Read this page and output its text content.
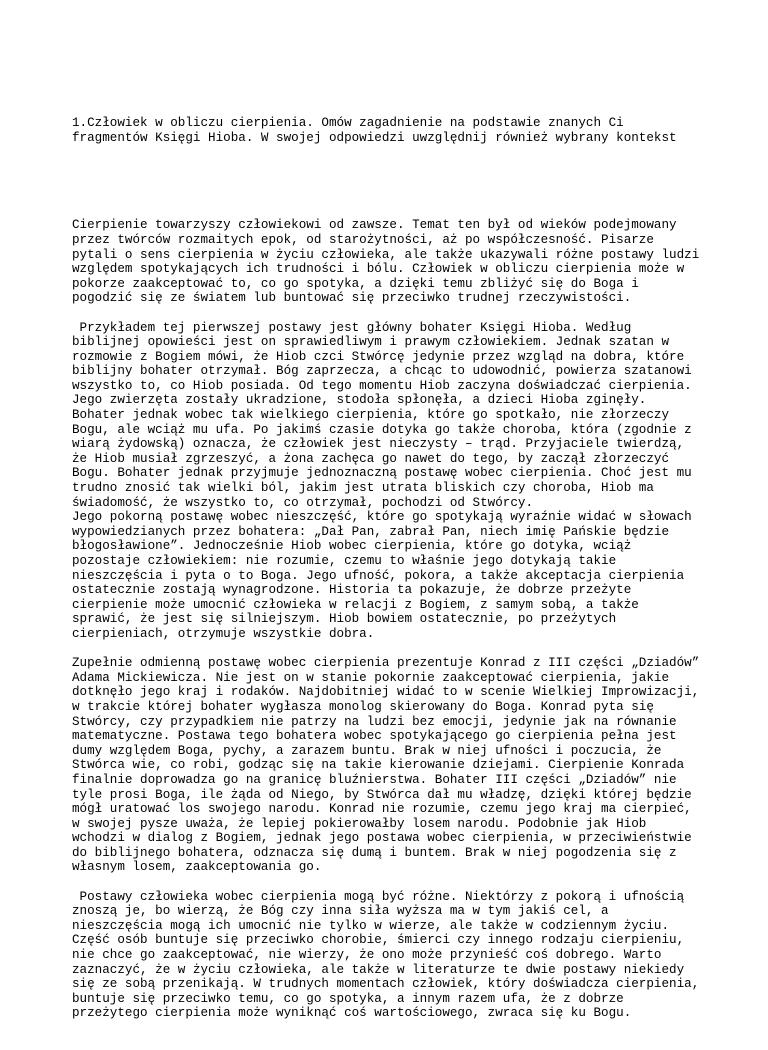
1.Człowiek w obliczu cierpienia. Omów zagadnienie na podstawie znanych Ci
fragmentów Księgi Hioba. W swojej odpowiedzi uwzględnij również wybrany kontekst

Cierpienie towarzyszy człowiekowi od zawsze. Temat ten był od wieków podejmowany
przez twórców rozmaitych epok, od starożytności, aż po współczesność. Pisarze
pytali o sens cierpienia w życiu człowieka, ale także ukazywali różne postawy ludzi
względem spotykających ich trudności i bólu. Człowiek w obliczu cierpienia może w
pokorze zaakceptować to, co go spotyka, a dzięki temu zbliżyć się do Boga i
pogodzić się ze światem lub buntować się przeciwko trudnej rzeczywistości.
Przykładem tej pierwszej postawy jest główny bohater Księgi Hioba. Według
biblijnej opowieści jest on sprawiedliwym i prawym człowiekiem. Jednak szatan w
rozmowie z Bogiem mówi, że Hiob czci Stwórcę jedynie przez wzgląd na dobra, które
biblijny bohater otrzymał. Bóg zaprzecza, a chcąc to udowodnić, powierza szatanowi
wszystko to, co Hiob posiada. Od tego momentu Hiob zaczyna doświadczać cierpienia.
Jego zwierzęta zostały ukradzione, stodoła spłonęła, a dzieci Hioba zginęły.
Bohater jednak wobec tak wielkiego cierpienia, które go spotkało, nie złorzeczy
Bogu, ale wciąż mu ufa. Po jakimś czasie dotyka go także choroba, która (zgodnie z
wiarą żydowską) oznacza, że człowiek jest nieczysty – trąd. Przyjaciele twierdzą,
że Hiob musiał zgrzeszyć, a żona zachęca go nawet do tego, by zaczął złorzeczyć
Bogu. Bohater jednak przyjmuje jednoznaczną postawę wobec cierpienia. Choć jest mu
trudno znosić tak wielki ból, jakim jest utrata bliskich czy choroba, Hiob ma
świadomość, że wszystko to, co otrzymał, pochodzi od Stwórcy.
Jego pokorną postawę wobec nieszczęść, które go spotykają wyraźnie widać w słowach
wypowiedzianych przez bohatera: „Dał Pan, zabrał Pan, niech imię Pańskie będzie
błogosławione”. Jednocześnie Hiob wobec cierpienia, które go dotyka, wciąż
pozostaje człowiekiem: nie rozumie, czemu to właśnie jego dotykają takie
nieszczęścia i pyta o to Boga. Jego ufność, pokora, a także akceptacja cierpienia
ostatecznie zostają wynagrodzone. Historia ta pokazuje, że dobrze przeżyte
cierpienie może umocnić człowieka w relacji z Bogiem, z samym sobą, a także
sprawić, że jest się silniejszym. Hiob bowiem ostatecznie, po przeżytych
cierpieniach, otrzymuje wszystkie dobra.
Zupełnie odmienną postawę wobec cierpienia prezentuje Konrad z III części „Dziadów”
Adama Mickiewicza. Nie jest on w stanie pokornie zaakceptować cierpienia, jakie
dotknęło jego kraj i rodaków. Najdobitniej widać to w scenie Wielkiej Improwizacji,
w trakcie której bohater wygłasza monolog skierowany do Boga. Konrad pyta się
Stwórcy, czy przypadkiem nie patrzy na ludzi bez emocji, jedynie jak na równanie
matematyczne. Postawa tego bohatera wobec spotykającego go cierpienia pełna jest
dumy względem Boga, pychy, a zarazem buntu. Brak w niej ufności i poczucia, że
Stwórca wie, co robi, godząc się na takie kierowanie dziejami. Cierpienie Konrada
finalnie doprowadza go na granicę bluźnierstwa. Bohater III części „Dziadów” nie
tyle prosi Boga, ile żąda od Niego, by Stwórca dał mu władzę, dzięki której będzie
mógł uratować los swojego narodu. Konrad nie rozumie, czemu jego kraj ma cierpieć,
w swojej pysze uważa, że lepiej pokierowałby losem narodu. Podobnie jak Hiob
wchodzi w dialog z Bogiem, jednak jego postawa wobec cierpienia, w przeciwieństwie
do biblijnego bohatera, odznacza się dumą i buntem. Brak w niej pogodzenia się z
własnym losem, zaakceptowania go.
Postawy człowieka wobec cierpienia mogą być różne. Niektórzy z pokorą i ufnością
znoszą je, bo wierzą, że Bóg czy inna siła wyższa ma w tym jakiś cel, a
nieszczęścia mogą ich umocnić nie tylko w wierze, ale także w codziennym życiu.
Część osób buntuje się przeciwko chorobie, śmierci czy innego rodzaju cierpieniu,
nie chce go zaakceptować, nie wierzy, że ono może przynieść coś dobrego. Warto
zaznaczyć, że w życiu człowieka, ale także w literaturze te dwie postawy niekiedy
się ze sobą przenikają. W trudnych momentach człowiek, który doświadcza cierpienia,
buntuje się przeciwko temu, co go spotyka, a innym razem ufa, że z dobrze
przeżytego cierpienia może wyniknąć coś wartościowego, zwraca się ku Bogu.
